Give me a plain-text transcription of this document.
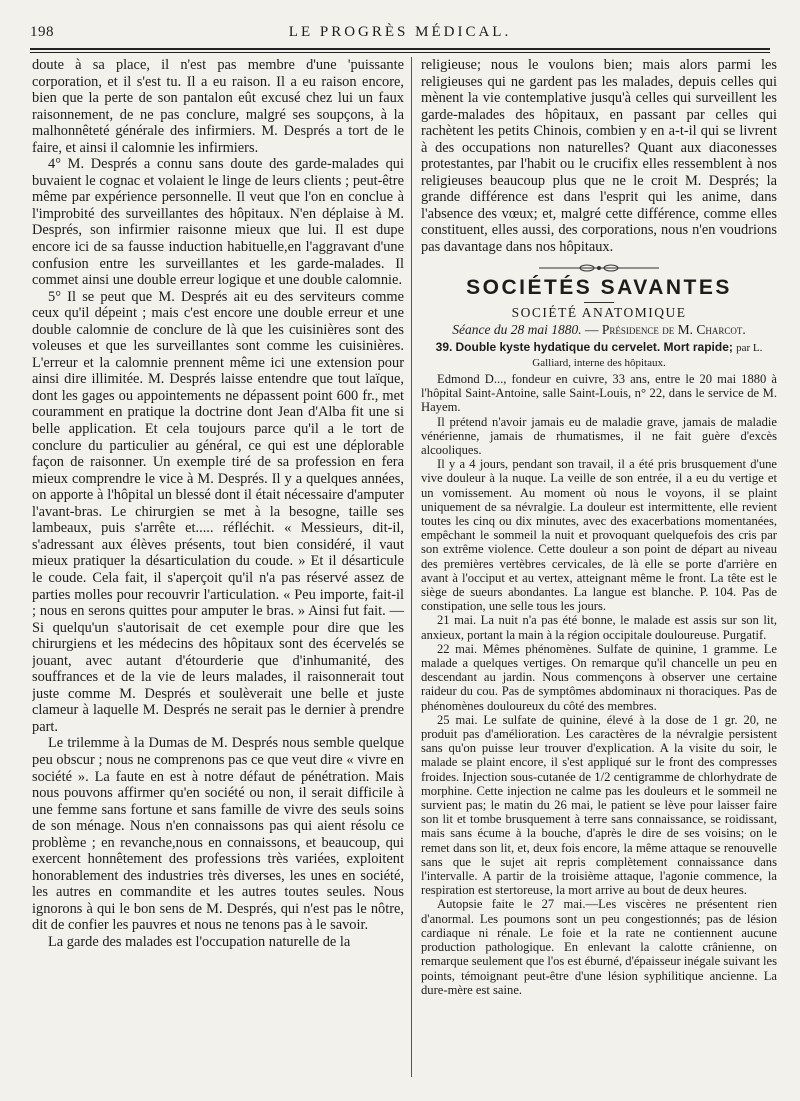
198	LE PROGRÈS MÉDICAL.

doute à sa place, il n'est pas membre d'une 'puissante corporation, et il s'est tu. Il a eu raison. Il a eu raison encore, bien que la perte de son pantalon eût excusé chez lui un faux raisonnement, de ne pas conclure, malgré ses soupçons, à la malhonnêteté générale des infirmiers. M. Després a tort de le faire, et ainsi il calomnie les infirmiers.

4° M. Després a connu sans doute des garde-malades qui buvaient le cognac et volaient le linge de leurs clients ; peut-être même par expérience personnelle. Il veut que l'on en conclue à l'improbité des surveillantes des hôpitaux. N'en déplaise à M. Després, son infirmier raisonne mieux que lui. Il est dupe encore ici de sa fausse induction habituelle,en l'aggravant d'une confusion entre les surveillantes et les garde-malades. Il commet ainsi une double erreur logique et une double calomnie.

5° Il se peut que M. Després ait eu des serviteurs comme ceux qu'il dépeint ; mais c'est encore une double erreur et une double calomnie de conclure de là que les cuisinières sont des voleuses et que les surveillantes sont comme les cuisinières. L'erreur et la calomnie prennent même ici une extension pour ainsi dire illimitée. M. Després laisse entendre que tout laïque, dont les gages ou appointements ne dépassent point 600 fr., met couramment en pratique la doctrine dont Jean d'Alba fit une si belle application. Et cela toujours parce qu'il a le tort de conclure du particulier au général, ce qui est une déplorable façon de raisonner. Un exemple tiré de sa profession en fera mieux comprendre le vice à M. Després. Il y a quelques années, on apporte à l'hôpital un blessé dont il était nécessaire d'amputer l'avant-bras. Le chirurgien se met à la besogne, taille ses lambeaux, puis s'arrête et..... réfléchit. « Messieurs, dit-il, s'adressant aux élèves présents, tout bien considéré, il vaut mieux pratiquer la désarticulation du coude. » Et il désarticule le coude. Cela fait, il s'aperçoit qu'il n'a pas réservé assez de parties molles pour recouvrir l'articulation. « Peu importe, fait-il ; nous en serons quittes pour amputer le bras. » Ainsi fut fait. — Si quelqu'un s'autorisait de cet exemple pour dire que les chirurgiens et les médecins des hôpitaux sont des écervelés se jouant, avec autant d'étourderie que d'inhumanité, des souffrances et de la vie de leurs malades, il raisonnerait tout juste comme M. Després et soulèverait une belle et juste clameur à laquelle M. Després ne serait pas le dernier à prendre part.

Le trilemme à la Dumas de M. Després nous semble quelque peu obscur ; nous ne comprenons pas ce que veut dire « vivre en société ». La faute en est à notre défaut de pénétration. Mais nous pouvons affirmer qu'en société ou non, il serait difficile à une femme sans fortune et sans famille de vivre des seuls soins de son ménage. Nous n'en connaissons pas qui aient résolu ce problème ; en revanche,nous en connaissons, et beaucoup, qui exercent honnêtement des professions très variées, exploitent honorablement des industries très diverses, les unes en société, les autres en commandite et les autres toutes seules. Nous ignorons à qui le bon sens de M. Després, qui n'est pas le nôtre, dit de confier les pauvres et nous ne tenons pas à le savoir.

La garde des malades est l'occupation naturelle de la

religieuse; nous le voulons bien; mais alors parmi les religieuses qui ne gardent pas les malades, depuis celles qui mènent la vie contemplative jusqu'à celles qui surveillent les garde-malades des hôpitaux, en passant par celles qui rachètent les petits Chinois, combien y en a-t-il qui se livrent à des occupations non naturelles? Quant aux diaconesses protestantes, par l'habit ou le crucifix elles ressemblent à nos religieuses beaucoup plus que ne le croit M. Després; la grande différence est dans l'esprit qui les anime, dans l'absence des vœux; et, malgré cette différence, comme elles constituent, elles aussi, des corporations, nous n'en voudrions pas davantage dans nos hôpitaux.

SOCIÉTÉS SAVANTES
SOCIÉTÉ ANATOMIQUE
Séance du 28 mai 1880. — Présidence de M. Charcot.
39. Double kyste hydatique du cervelet. Mort rapide; par L. Galliard, interne des hôpitaux.

Edmond D..., fondeur en cuivre, 33 ans, entre le 20 mai 1880 à l'hôpital Saint-Antoine, salle Saint-Louis, n° 22, dans le service de M. Hayem.

Il prétend n'avoir jamais eu de maladie grave, jamais de maladie vénérienne, jamais de rhumatismes, il ne fait guère d'excès alcooliques.

Il y a 4 jours, pendant son travail, il a été pris brusquement d'une vive douleur à la nuque. La veille de son entrée, il a eu du vertige et un vomissement. Au moment où nous le voyons, il se plaint uniquement de sa névralgie. La douleur est intermittente, elle revient toutes les cinq ou dix minutes, avec des exacerbations momentanées, empêchant le sommeil la nuit et provoquant quelquefois des cris par son extrême violence. Cette douleur a son point de départ au niveau des premières vertèbres cervicales, de là elle se porte d'arrière en avant à l'occiput et au vertex, atteignant même le front. La tête est le siège de sueurs abondantes. La langue est blanche. P. 104. Pas de constipation, une selle tous les jours.

21 mai. La nuit n'a pas été bonne, le malade est assis sur son lit, anxieux, portant la main à la région occipitale douloureuse. Purgatif.

22 mai. Mêmes phénomènes. Sulfate de quinine, 1 gramme. Le malade a quelques vertiges. On remarque qu'il chancelle un peu en descendant au jardin. Nous commençons à observer une certaine raideur du cou. Pas de symptômes abdominaux ni thoraciques. Pas de phénomènes douloureux du côté des membres.

25 mai. Le sulfate de quinine, élevé à la dose de 1 gr. 20, ne produit pas d'amélioration. Les caractères de la névralgie persistent sans qu'on puisse leur trouver d'explication. A la visite du soir, le malade se plaint encore, il s'est appliqué sur le front des compresses froides. Injection sous-cutanée de 1/2 centigramme de chlorhydrate de morphine. Cette injection ne calme pas les douleurs et le sommeil ne survient pas; le matin du 26 mai, le patient se lève pour laisser faire son lit et tombe brusquement à terre sans connaissance, se roidissant, mais sans écume à la bouche, d'après le dire de ses voisins; on le remet dans son lit, et, deux fois encore, la même attaque se renouvelle sans que le sujet ait repris complètement connaissance dans l'intervalle. A partir de la troisième attaque, l'agonie commence, la respiration est stertoreuse, la mort arrive au bout de deux heures.

Autopsie faite le 27 mai.—Les viscères ne présentent rien d'anormal. Les poumons sont un peu congestionnés; pas de lésion cardiaque ni rénale. Le foie et la rate ne contiennent aucune production pathologique. En enlevant la calotte crânienne, on remarque seulement que l'os est éburné, d'épaisseur inégale suivant les points, témoignant peut-être d'une lésion syphilitique ancienne. La dure-mère est saine.
